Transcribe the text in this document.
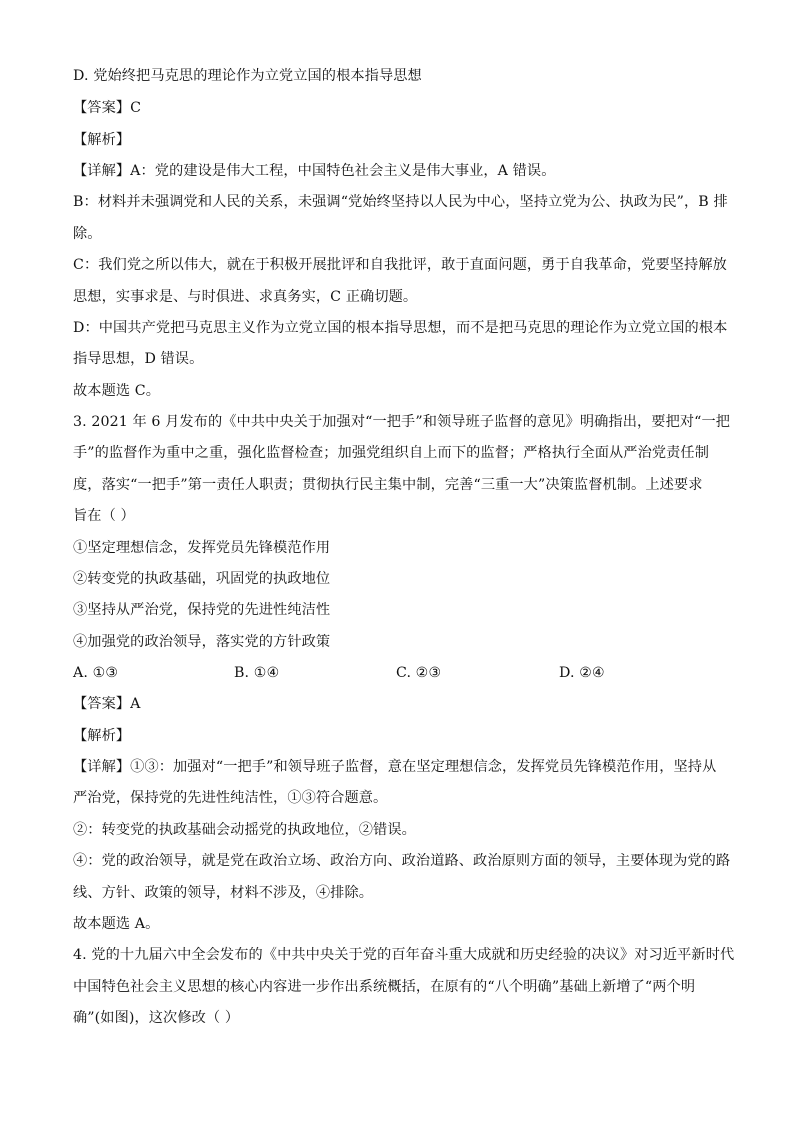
D. 党始终把马克思的理论作为立党立国的根本指导思想
【答案】C
【解析】
【详解】A：党的建设是伟大工程，中国特色社会主义是伟大事业，A 错误。
B：材料并未强调党和人民的关系，未强调“党始终坚持以人民为中心，坚持立党为公、执政为民”，B 排
除。
C：我们党之所以伟大，就在于积极开展批评和自我批评，敢于直面问题，勇于自我革命，党要坚持解放
思想，实事求是、与时俱进、求真务实，C 正确切题。
D：中国共产党把马克思主义作为立党立国的根本指导思想，而不是把马克思的理论作为立党立国的根本
指导思想，D 错误。
故本题选 C。
3. 2021 年 6 月发布的《中共中央关于加强对“一把手”和领导班子监督的意见》明确指出，要把对“一把
手”的监督作为重中之重，强化监督检查；加强党组织自上而下的监督；严格执行全面从严治党责任制
度，落实“一把手”第一责任人职责；贯彻执行民主集中制，完善“三重一大”决策监督机制。上述要求
旨在（ ）
①坚定理想信念，发挥党员先锋模范作用
②转变党的执政基础，巩固党的执政地位
③坚持从严治党，保持党的先进性纯洁性
④加强党的政治领导，落实党的方针政策
A. ①③	B. ①④	C. ②③	D. ②④
【答案】A
【解析】
【详解】①③：加强对“一把手”和领导班子监督，意在坚定理想信念，发挥党员先锋模范作用，坚持从
严治党，保持党的先进性纯洁性，①③符合题意。
②：转变党的执政基础会动摇党的执政地位，②错误。
④：党的政治领导，就是党在政治立场、政治方向、政治道路、政治原则方面的领导，主要体现为党的路
线、方针、政策的领导，材料不涉及，④排除。
故本题选 A。
4. 党的十九届六中全会发布的《中共中央关于党的百年奋斗重大成就和历史经验的决议》对习近平新时代
中国特色社会主义思想的核心内容进一步作出系统概括，在原有的“八个明确”基础上新增了“两个明
确”(如图)，这次修改（ ）
